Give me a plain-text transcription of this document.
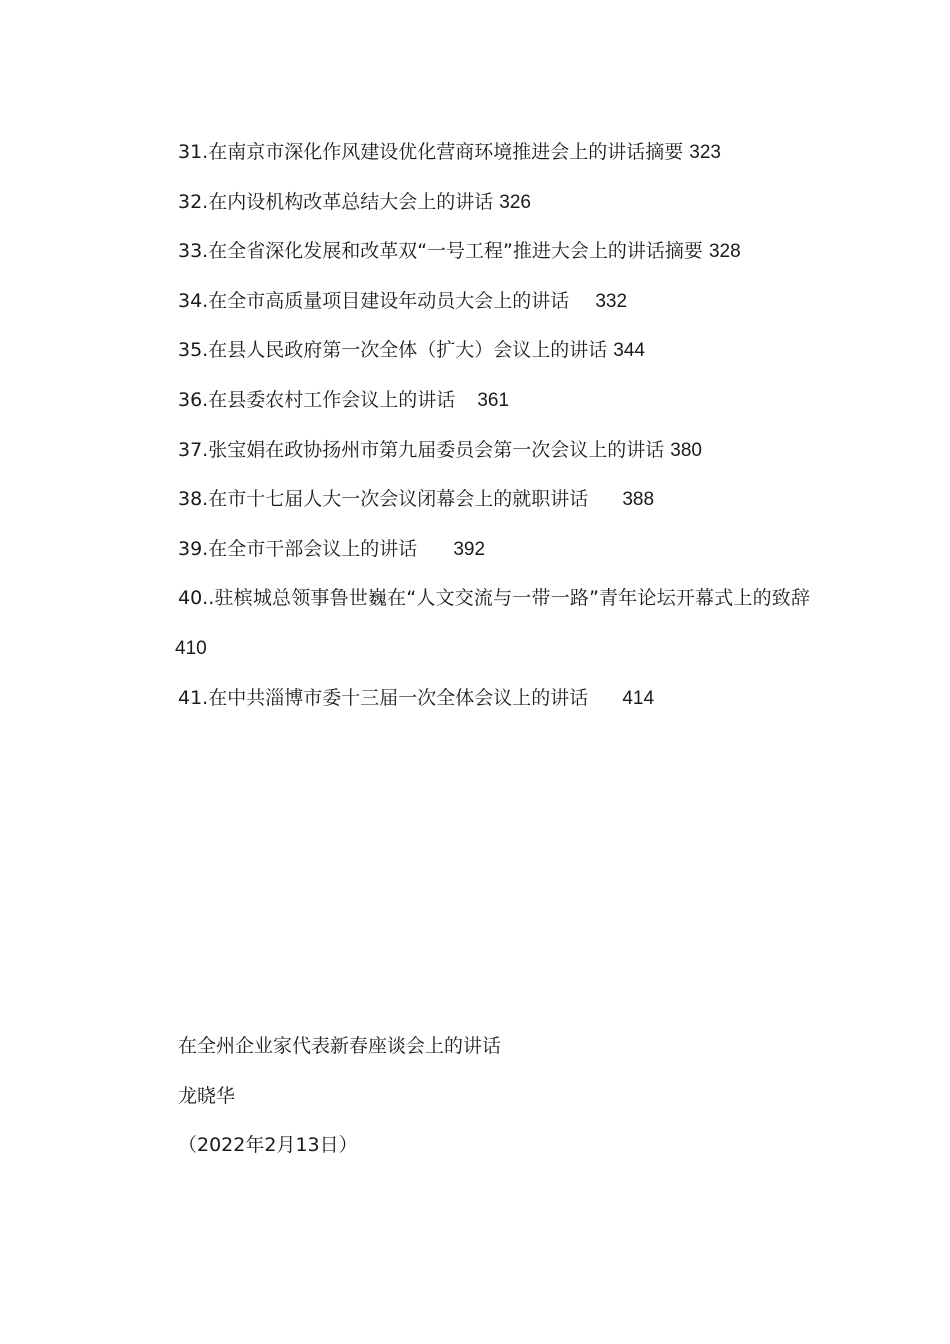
31.在南京市深化作风建设优化营商环境推进会上的讲话摘要 323

32.在内设机构改革总结大会上的讲话 326

33.在全省深化发展和改革双“一号工程”推进大会上的讲话摘要 328

34.在全市高质量项目建设年动员大会上的讲话 332

35.在县人民政府第一次全体（扩大）会议上的讲话 344

36.在县委农村工作会议上的讲话 361

37.张宝娟在政协扬州市第九届委员会第一次会议上的讲话 380

38.在市十七届人大一次会议闭幕会上的就职讲话 388

39.在全市干部会议上的讲话 392

40..驻槟城总领事鲁世巍在“人文交流与一带一路”青年论坛开幕式上的致辞  410

41.在中共淄博市委十三届一次全体会议上的讲话 414

在全州企业家代表新春座谈会上的讲话

龙晓华

（2022年2月13日）
